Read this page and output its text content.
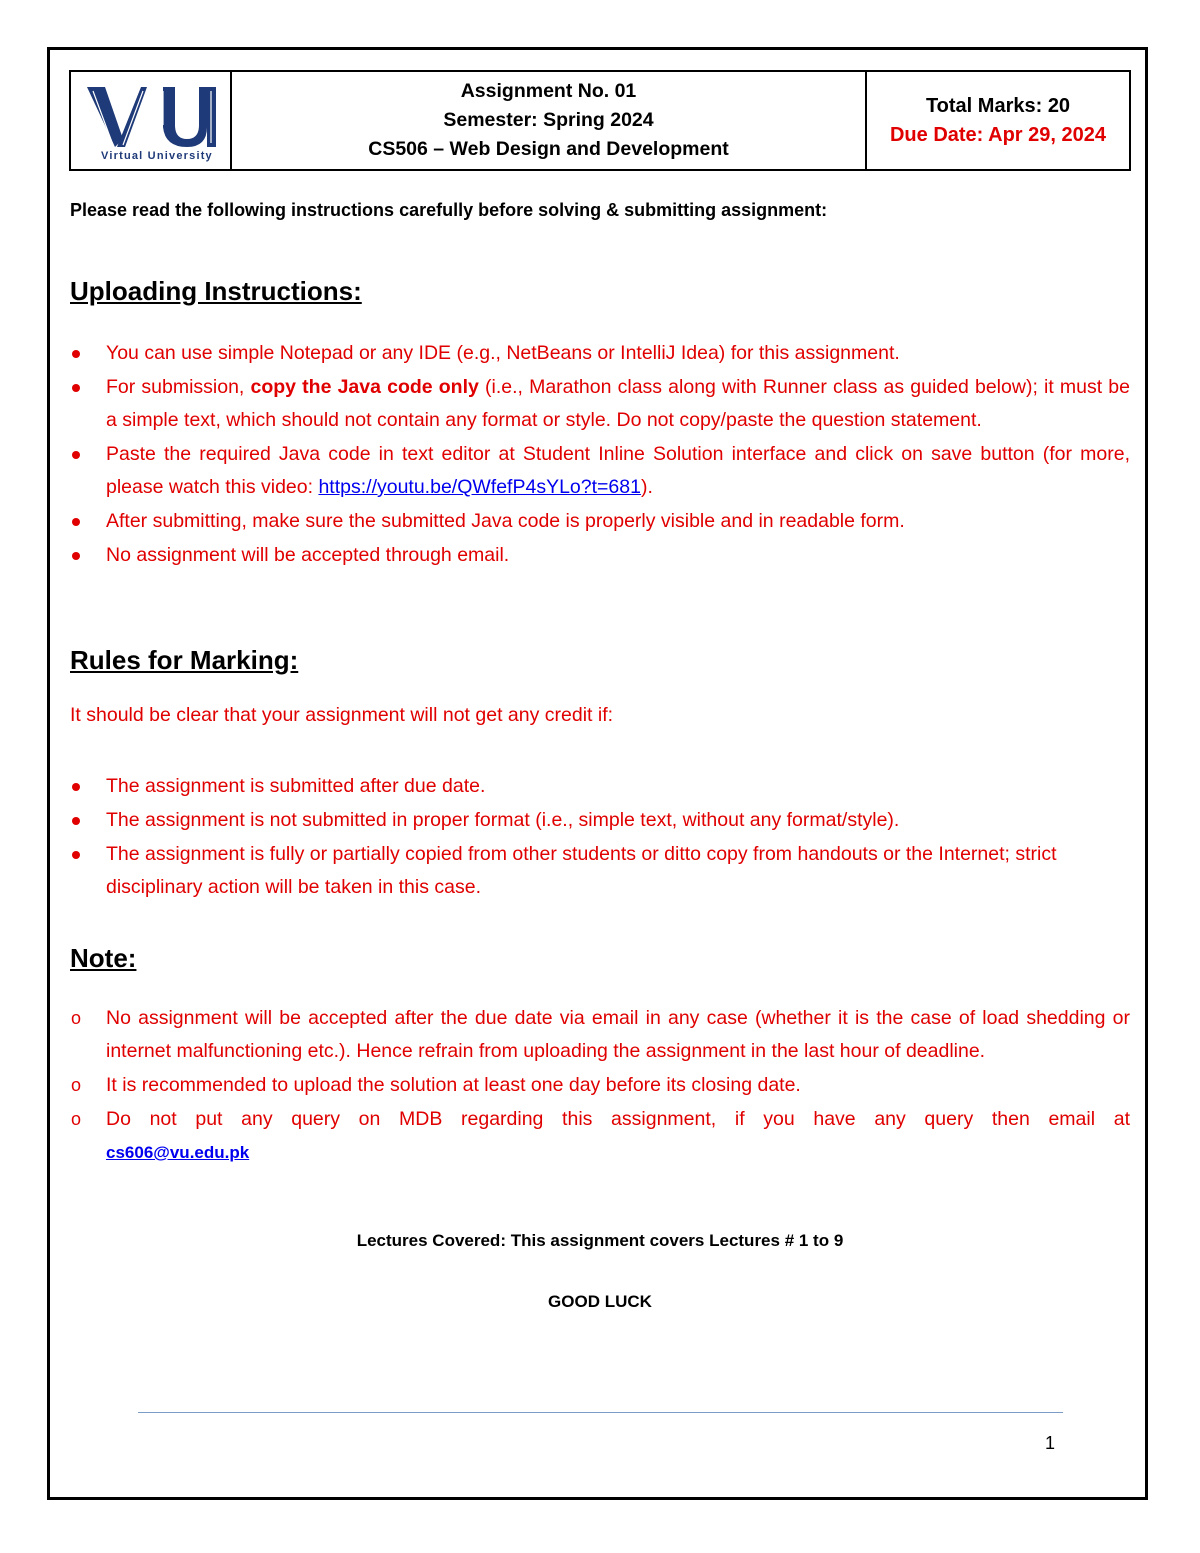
Virtual University
Assignment No. 01
Semester: Spring 2024
CS506 – Web Design and Development
Total Marks: 20
Due Date: Apr 29, 2024
Please read the following instructions carefully before solving & submitting assignment:
Uploading Instructions:
You can use simple Notepad or any IDE (e.g., NetBeans or IntelliJ Idea) for this assignment.
For submission, copy the Java code only (i.e., Marathon class along with Runner class as guided below); it must be a simple text, which should not contain any format or style. Do not copy/paste the question statement.
Paste the required Java code in text editor at Student Inline Solution interface and click on save button (for more, please watch this video: https://youtu.be/QWfefP4sYLo?t=681).
After submitting, make sure the submitted Java code is properly visible and in readable form.
No assignment will be accepted through email.
Rules for Marking:
It should be clear that your assignment will not get any credit if:
The assignment is submitted after due date.
The assignment is not submitted in proper format (i.e., simple text, without any format/style).
The assignment is fully or partially copied from other students or ditto copy from handouts or the Internet; strict disciplinary action will be taken in this case.
Note:
o No assignment will be accepted after the due date via email in any case (whether it is the case of load shedding or internet malfunctioning etc.). Hence refrain from uploading the assignment in the last hour of deadline.
o It is recommended to upload the solution at least one day before its closing date.
o Do not put any query on MDB regarding this assignment, if you have any query then email at
cs606@vu.edu.pk
Lectures Covered: This assignment covers Lectures # 1 to 9
GOOD LUCK
1
